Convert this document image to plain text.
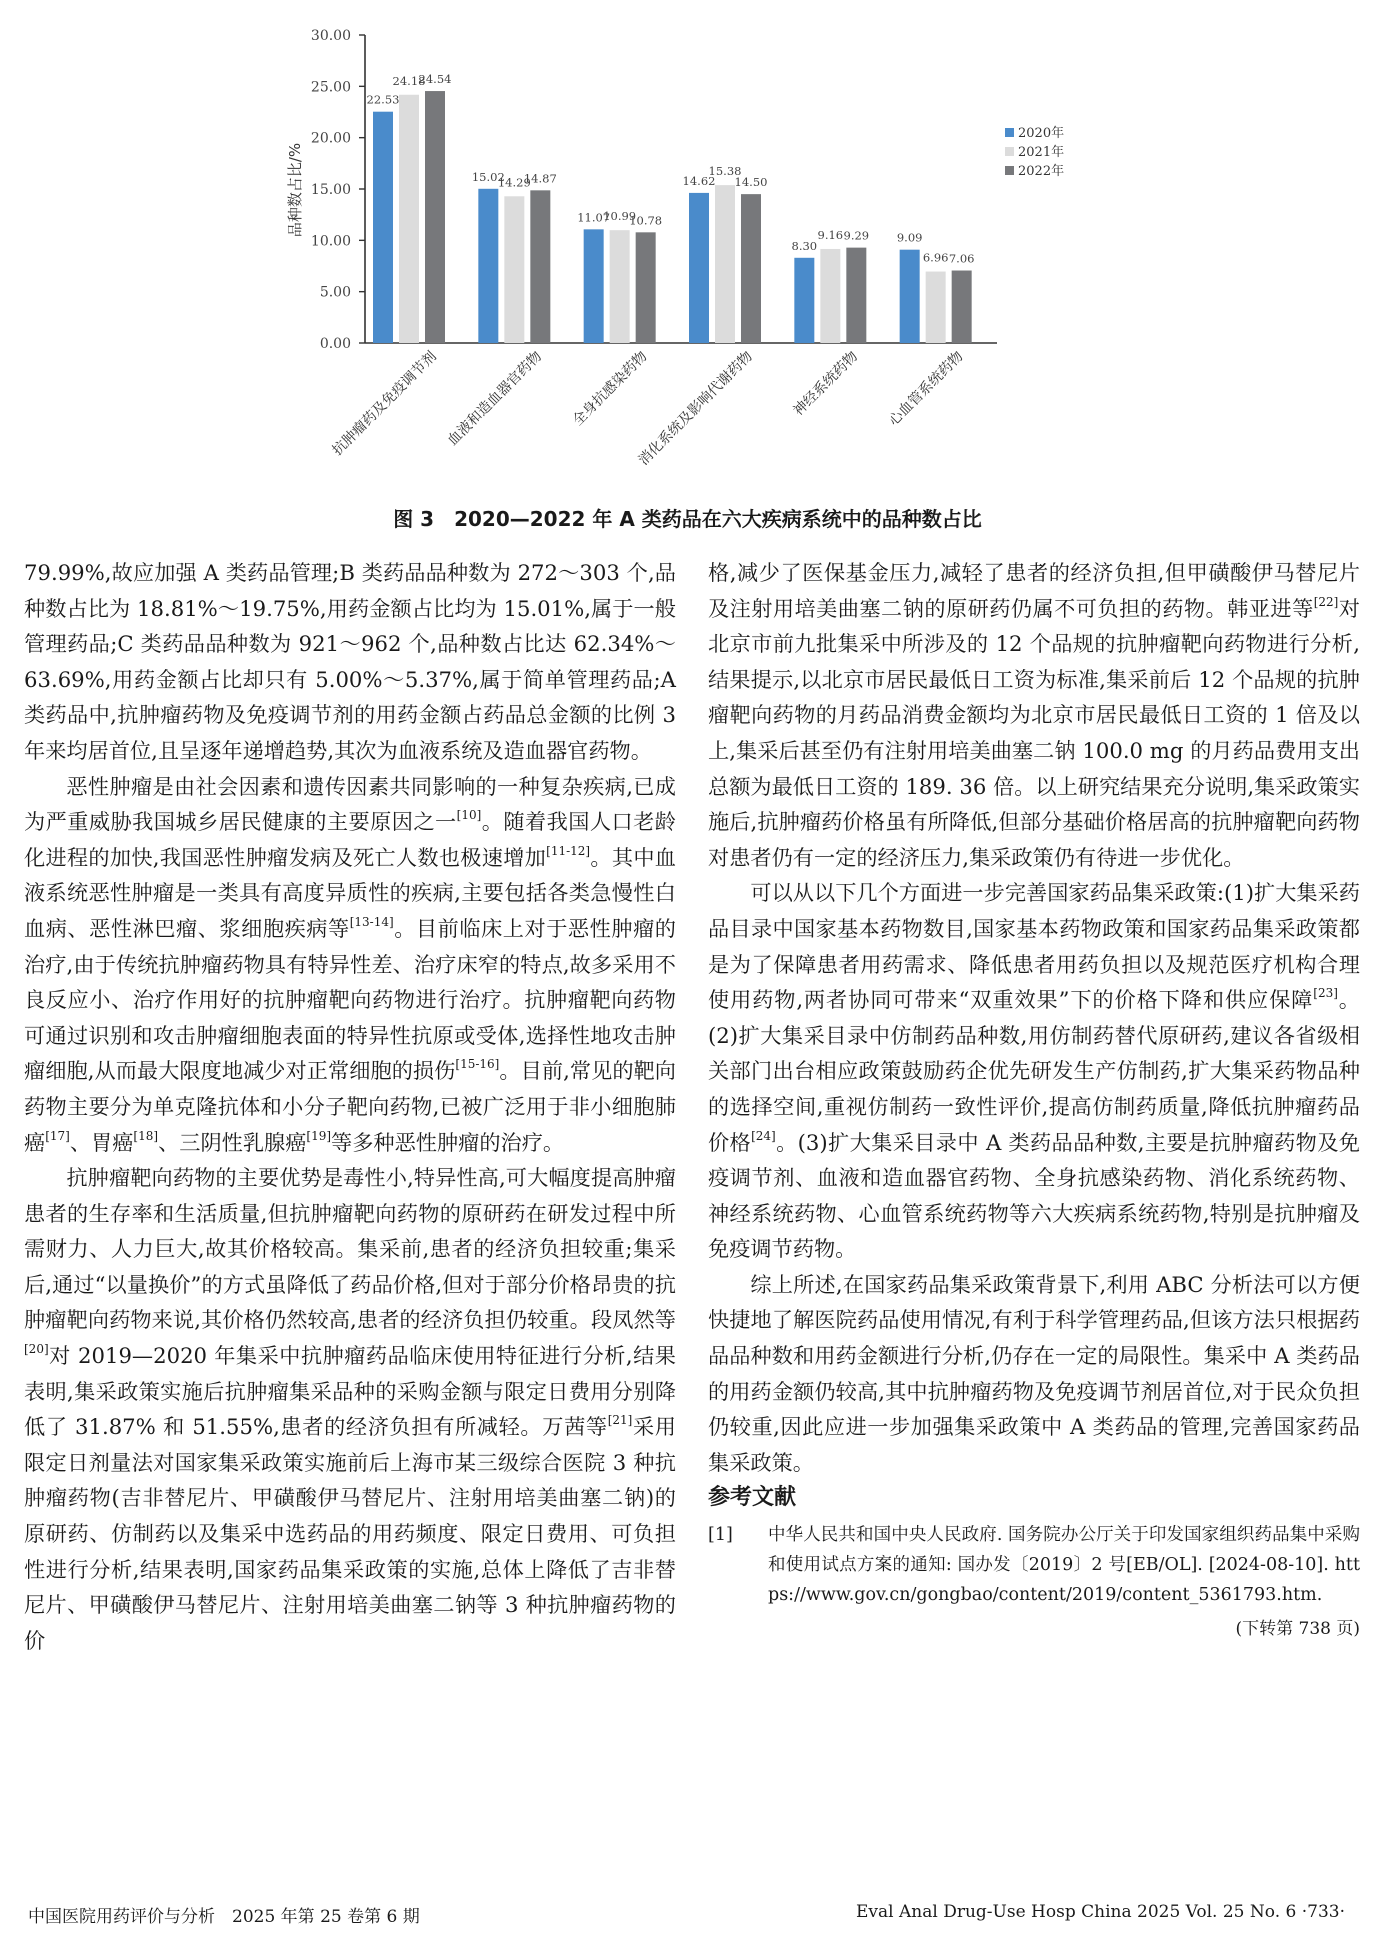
品种数占比/%
0.00
5.00
10.00
15.00
20.00
25.00
30.00
22.53
24.18
24.54
15.02
14.29
14.87
11.07
10.99
10.78
14.62
15.38
14.50
8.30
9.16 9.29 9.09
6.96 7.06
抗肿瘤药及免疫调节剂 血液和造血器官药物 全身抗感染药物
消化系统及影响代谢药物 神经系统药物 心血管系统药物
2020年
2021年
2022年
图 3　2020—2022 年 A 类药品在六大疾病系统中的品种数占比

79.99%,故应加强 A 类药品管理;B 类药品品种数为 272～303 个,品种数占比为 18.81%～19.75%,用药金额占比均为 15.01%,属于一般管理药品;C 类药品品种数为 921～962 个,品种数占比达 62.34%～63.69%,用药金额占比却只有 5.00%～5.37%,属于简单管理药品;A 类药品中,抗肿瘤药物及免疫调节剂的用药金额占药品总金额的比例 3 年来均居首位,且呈逐年递增趋势,其次为血液系统及造血器官药物。

恶性肿瘤是由社会因素和遗传因素共同影响的一种复杂疾病,已成为严重威胁我国城乡居民健康的主要原因之一[10]。随着我国人口老龄化进程的加快,我国恶性肿瘤发病及死亡人数也极速增加[11-12]。其中血液系统恶性肿瘤是一类具有高度异质性的疾病,主要包括各类急慢性白血病、恶性淋巴瘤、浆细胞疾病等[13-14]。目前临床上对于恶性肿瘤的治疗,由于传统抗肿瘤药物具有特异性差、治疗床窄的特点,故多采用不良反应小、治疗作用好的抗肿瘤靶向药物进行治疗。抗肿瘤靶向药物可通过识别和攻击肿瘤细胞表面的特异性抗原或受体,选择性地攻击肿瘤细胞,从而最大限度地减少对正常细胞的损伤[15-16]。目前,常见的靶向药物主要分为单克隆抗体和小分子靶向药物,已被广泛用于非小细胞肺癌[17]、胃癌[18]、三阴性乳腺癌[19]等多种恶性肿瘤的治疗。

抗肿瘤靶向药物的主要优势是毒性小,特异性高,可大幅度提高肿瘤患者的生存率和生活质量,但抗肿瘤靶向药物的原研药在研发过程中所需财力、人力巨大,故其价格较高。集采前,患者的经济负担较重;集采后,通过“以量换价”的方式虽降低了药品价格,但对于部分价格昂贵的抗肿瘤靶向药物来说,其价格仍然较高,患者的经济负担仍较重。段凤然等[20]对 2019—2020 年集采中抗肿瘤药品临床使用特征进行分析,结果表明,集采政策实施后抗肿瘤集采品种的采购金额与限定日费用分别降低了 31.87% 和 51.55%,患者的经济负担有所减轻。万茜等[21]采用限定日剂量法对国家集采政策实施前后上海市某三级综合医院 3 种抗肿瘤药物(吉非替尼片、甲磺酸伊马替尼片、注射用培美曲塞二钠)的原研药、仿制药以及集采中选药品的用药频度、限定日费用、可负担性进行分析,结果表明,国家药品集采政策的实施,总体上降低了吉非替尼片、甲磺酸伊马替尼片、注射用培美曲塞二钠等 3 种抗肿瘤药物的价

格,减少了医保基金压力,减轻了患者的经济负担,但甲磺酸伊马替尼片及注射用培美曲塞二钠的原研药仍属不可负担的药物。韩亚进等[22]对北京市前九批集采中所涉及的 12 个品规的抗肿瘤靶向药物进行分析,结果提示,以北京市居民最低日工资为标准,集采前后 12 个品规的抗肿瘤靶向药物的月药品消费金额均为北京市居民最低日工资的 1 倍及以上,集采后甚至仍有注射用培美曲塞二钠 100.0 mg 的月药品费用支出总额为最低日工资的 189. 36 倍。以上研究结果充分说明,集采政策实施后,抗肿瘤药价格虽有所降低,但部分基础价格居高的抗肿瘤靶向药物对患者仍有一定的经济压力,集采政策仍有待进一步优化。

可以从以下几个方面进一步完善国家药品集采政策:(1)扩大集采药品目录中国家基本药物数目,国家基本药物政策和国家药品集采政策都是为了保障患者用药需求、降低患者用药负担以及规范医疗机构合理使用药物,两者协同可带来“双重效果”下的价格下降和供应保障[23]。(2)扩大集采目录中仿制药品种数,用仿制药替代原研药,建议各省级相关部门出台相应政策鼓励药企优先研发生产仿制药,扩大集采药物品种的选择空间,重视仿制药一致性评价,提高仿制药质量,降低抗肿瘤药品价格[24]。(3)扩大集采目录中 A 类药品品种数,主要是抗肿瘤药物及免疫调节剂、血液和造血器官药物、全身抗感染药物、消化系统药物、神经系统药物、心血管系统药物等六大疾病系统药物,特别是抗肿瘤及免疫调节药物。

综上所述,在国家药品集采政策背景下,利用 ABC 分析法可以方便快捷地了解医院药品使用情况,有利于科学管理药品,但该方法只根据药品品种数和用药金额进行分析,仍存在一定的局限性。集采中 A 类药品的用药金额仍较高,其中抗肿瘤药物及免疫调节剂居首位,对于民众负担仍较重,因此应进一步加强集采政策中 A 类药品的管理,完善国家药品集采政策。

参考文献
[1]	中华人民共和国中央人民政府. 国务院办公厅关于印发国家组织药品集中采购和使用试点方案的通知: 国办发〔2019〕2 号[EB/OL]. [2024-08-10]. https://www.gov.cn/gongbao/content/2019/content_5361793.htm.
(下转第 738 页)
中国医院用药评价与分析　2025 年第 25 卷第 6 期	Eval Anal Drug-Use Hosp China 2025 Vol. 25 No. 6 ·733·
